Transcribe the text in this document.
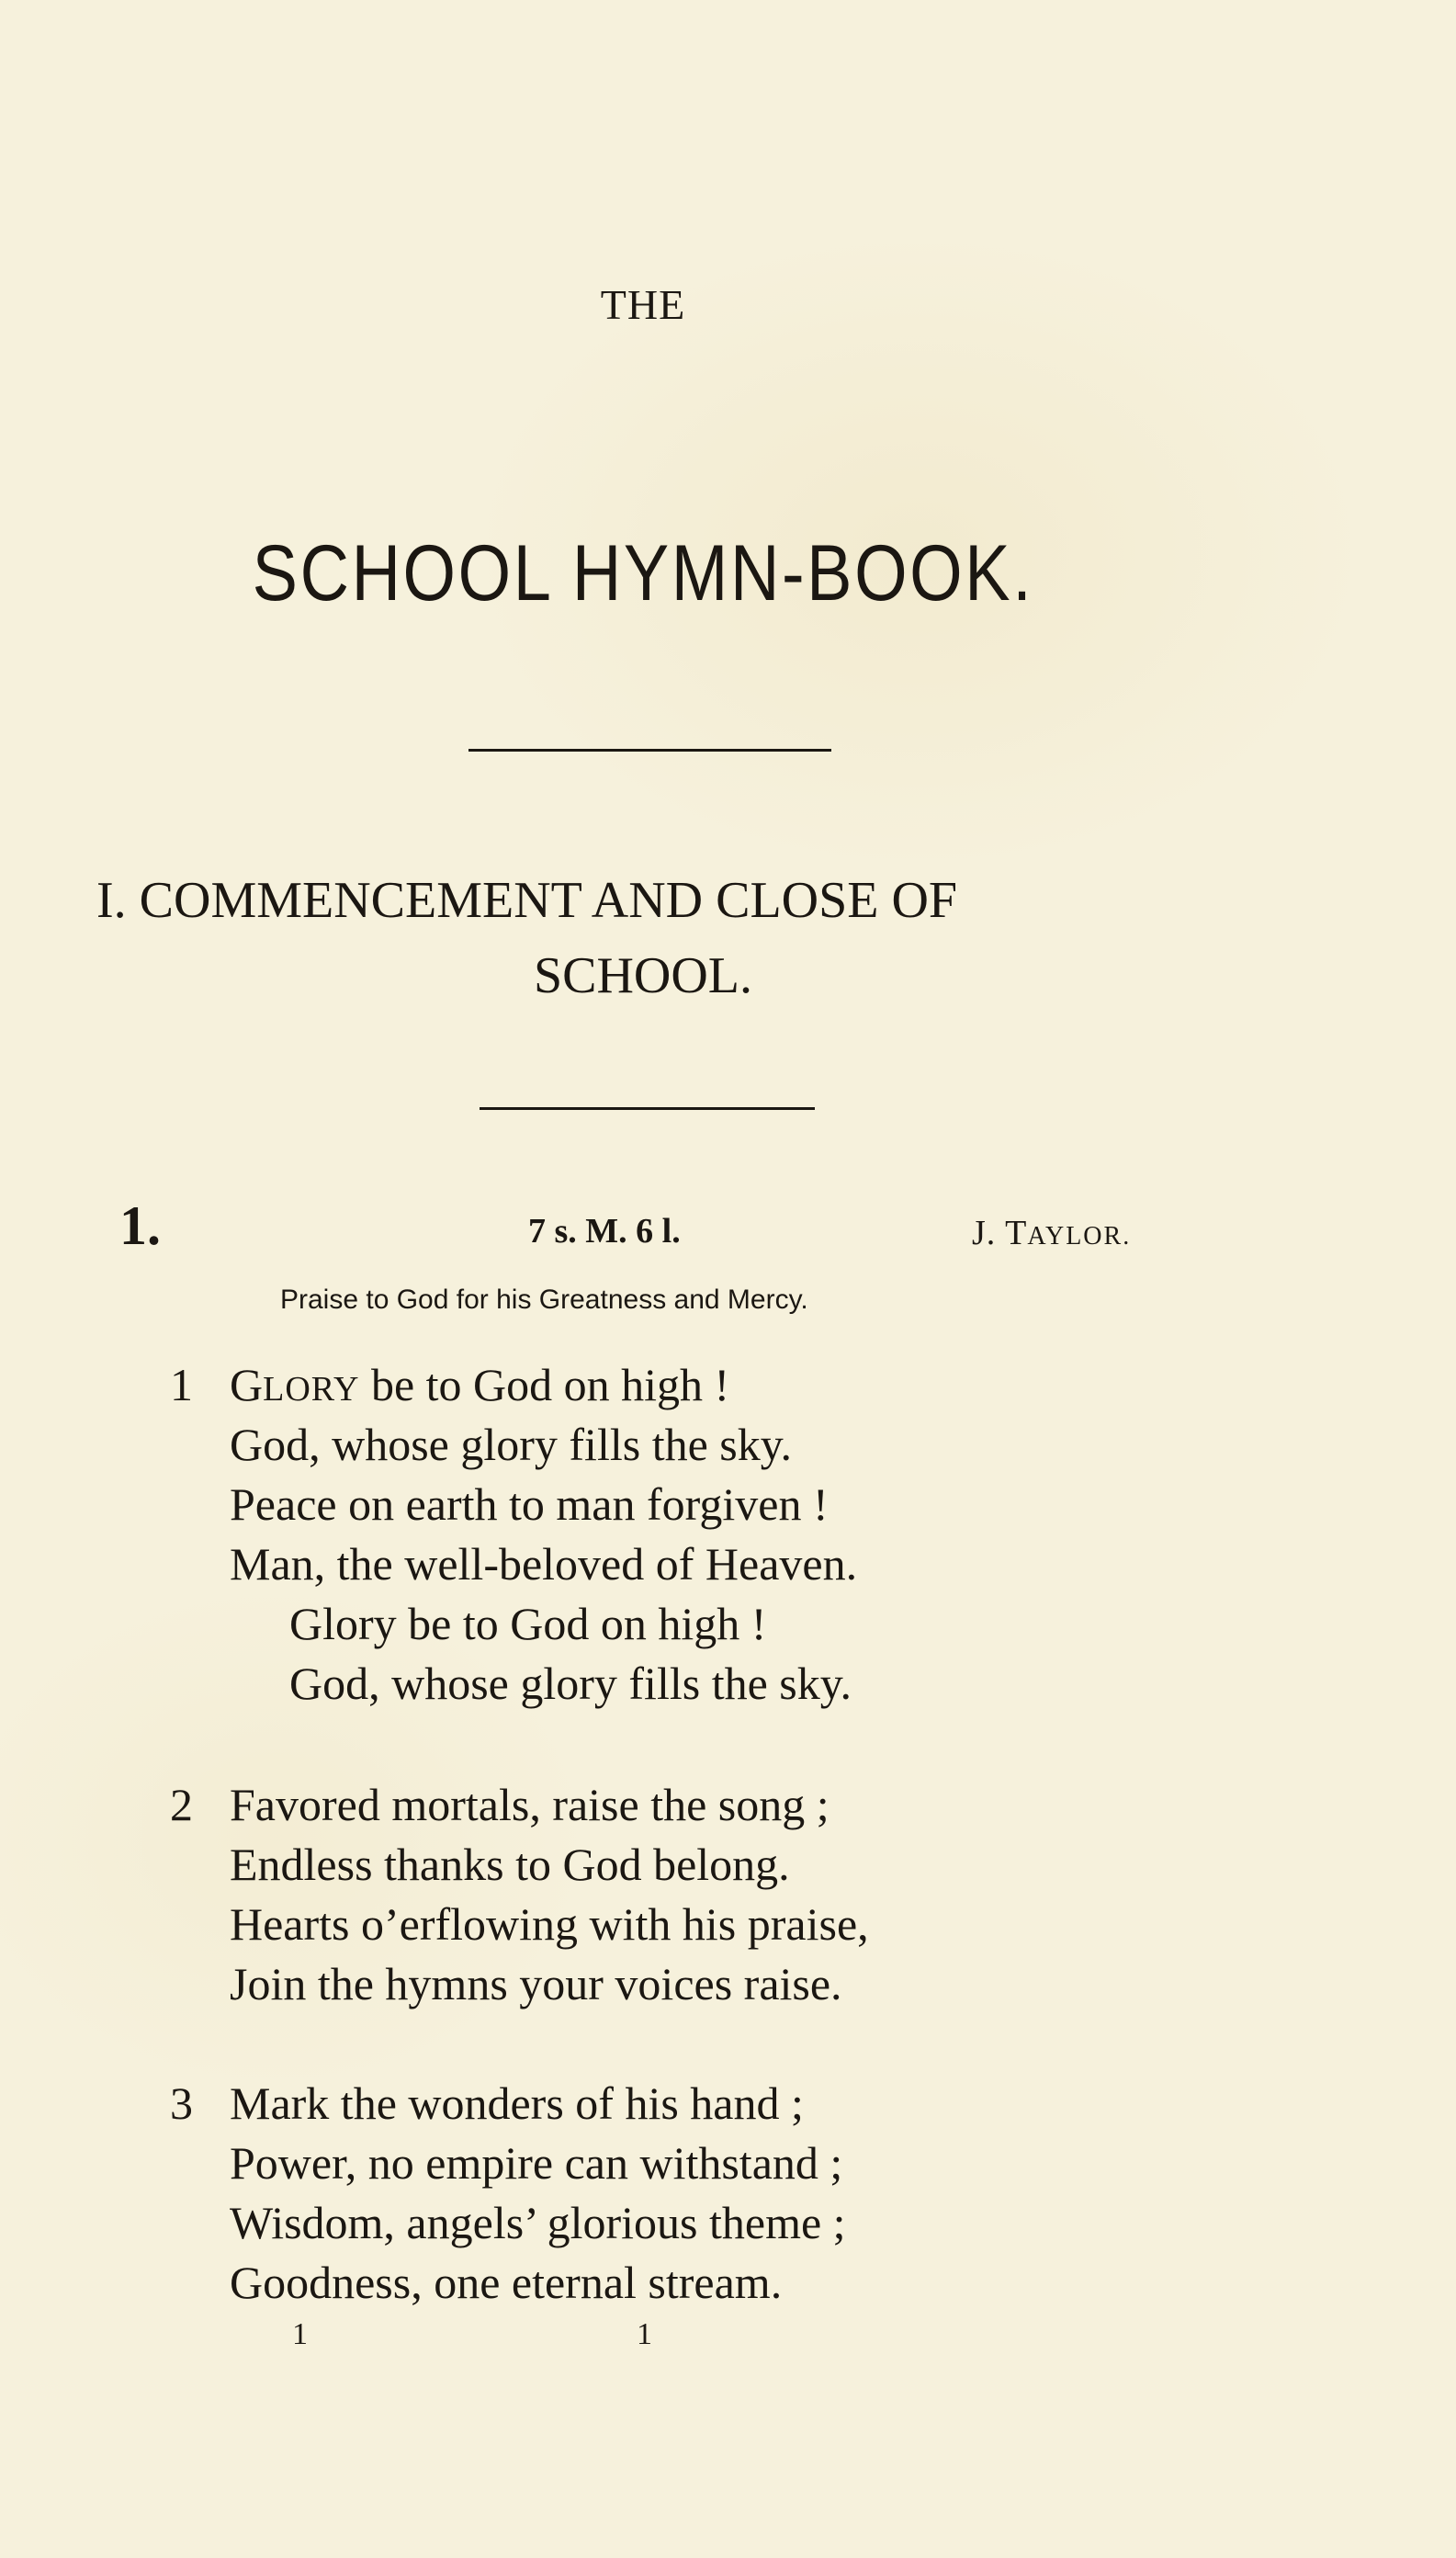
THE
SCHOOL HYMN-BOOK.
I. COMMENCEMENT AND CLOSE OF
SCHOOL.
1.	7 s. M. 6 l.	J. TAYLOR.
Praise to God for his Greatness and Mercy.
1 GLORY be to God on high !
God, whose glory fills the sky.
Peace on earth to man forgiven !
Man, the well-beloved of Heaven.
Glory be to God on high !
God, whose glory fills the sky.
2 Favored mortals, raise the song ;
Endless thanks to God belong.
Hearts o’erflowing with his praise,
Join the hymns your voices raise.
3 Mark the wonders of his hand ;
Power, no empire can withstand ;
Wisdom, angels’ glorious theme ;
Goodness, one eternal stream.
1	1
